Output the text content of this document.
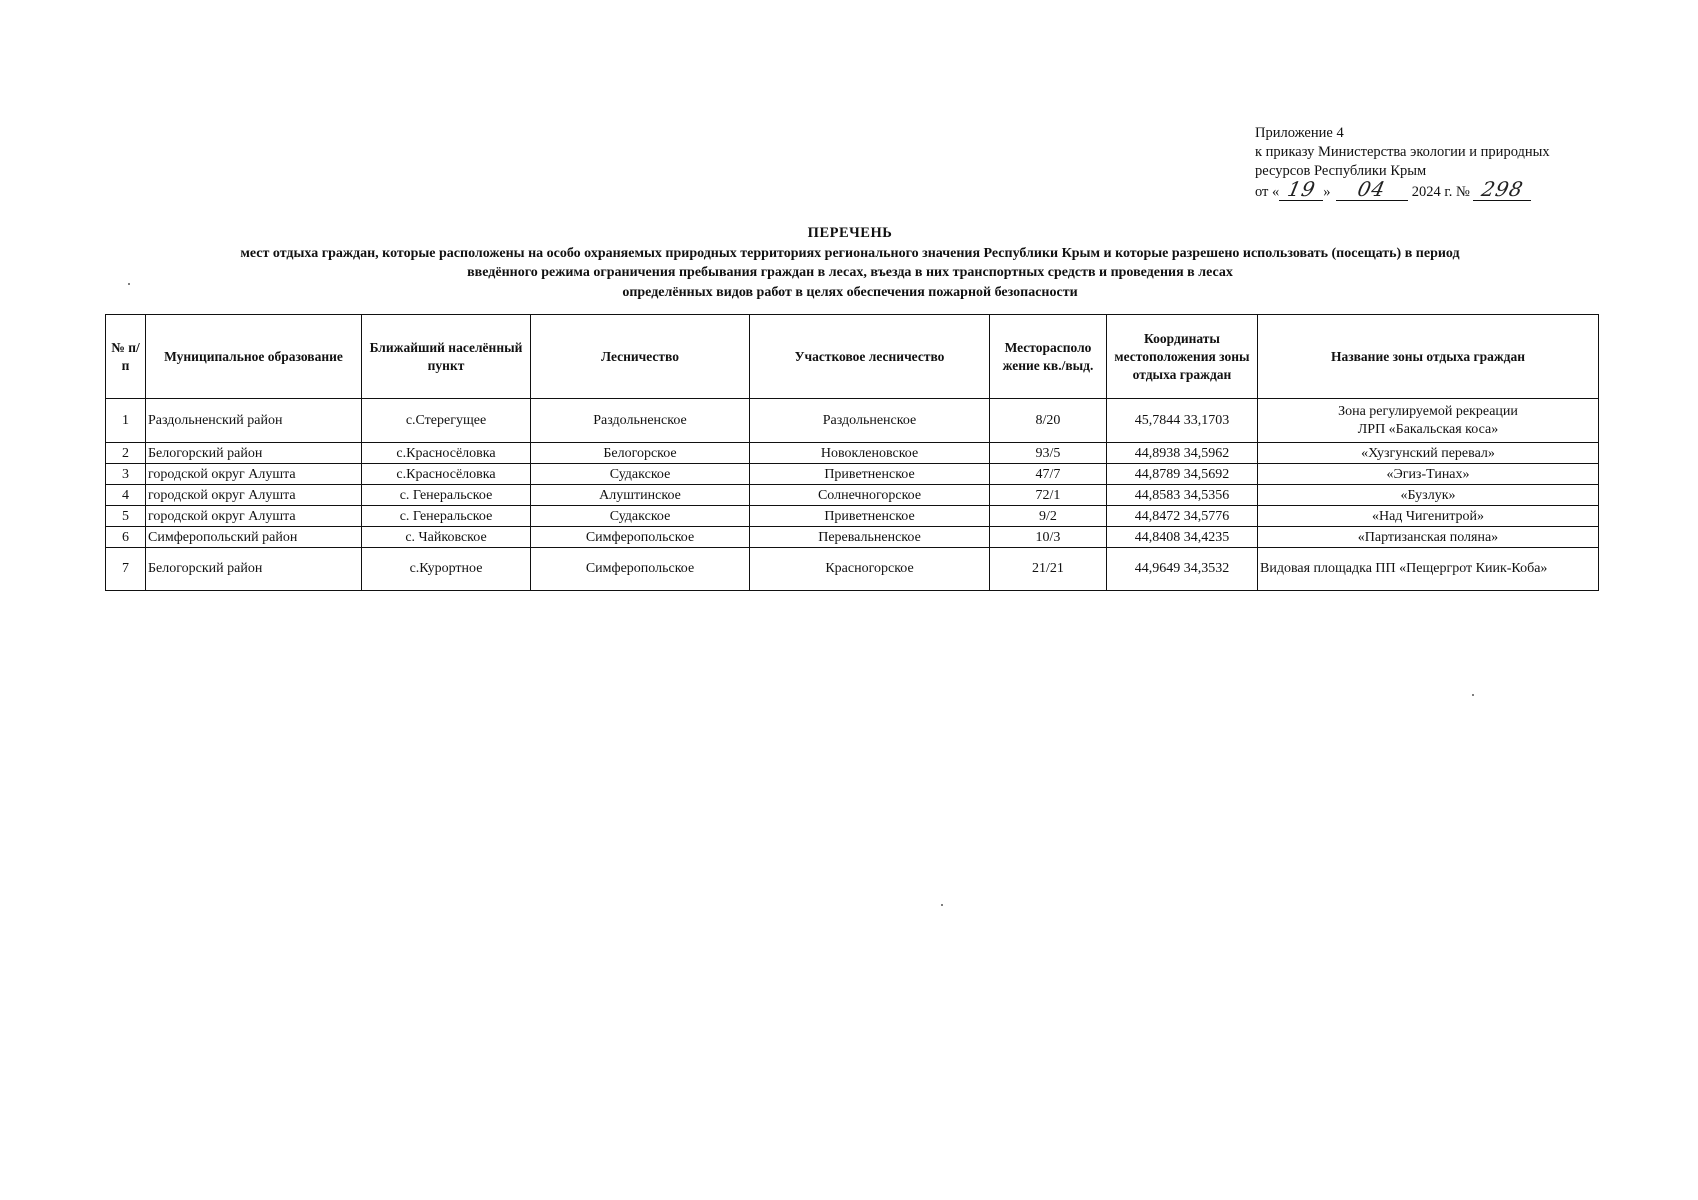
Приложение 4
к приказу Министерства экологии и природных
ресурсов Республики Крым
от « 19 » 04 2024 г. № 298
ПЕРЕЧЕНЬ
мест отдыха граждан, которые расположены на особо охраняемых природных территориях регионального значения Республики Крым и которые разрешено использовать (посещать) в период
введённого режима ограничения пребывания граждан в лесах, въезда в них транспортных средств и проведения в лесах
определённых видов работ в целях обеспечения пожарной безопасности
№ п/п	Муниципальное образование	Ближайший населённый пункт	Лесничество	Участковое лесничество	Месторасполо жение кв./выд.	Координаты местоположения зоны отдыха граждан	Название зоны отдыха граждан
1	Раздольненский район	с.Стерегущее	Раздольненское	Раздольненское	8/20	45,7844 33,1703	Зона регулируемой рекреации
ЛРП «Бакальская коса»

2	Белогорский район	с.Красносёловка	Белогорское	Новокленовское	93/5	44,8938 34,5962	«Хузгунский перевал»
3	городской округ Алушта	с.Красносёловка	Судакское	Приветненское	47/7	44,8789 34,5692	«Эгиз-Тинах»
4	городской округ Алушта	с. Генеральское	Алуштинское	Солнечногорское	72/1	44,8583 34,5356	«Бузлук»
5	городской округ Алушта	с. Генеральское	Судакское	Приветненское	9/2	44,8472 34,5776	«Над Чигенитрой»
6	Симферопольский район	с. Чайковское	Симферопольское	Перевальненское	10/3	44,8408 34,4235	«Партизанская поляна»
7	Белогорский район	с.Курортное	Симферопольское	Красногорское	21/21	44,9649 34,3532	Видовая площадка ПП «Пещергрот Киик-Коба»
